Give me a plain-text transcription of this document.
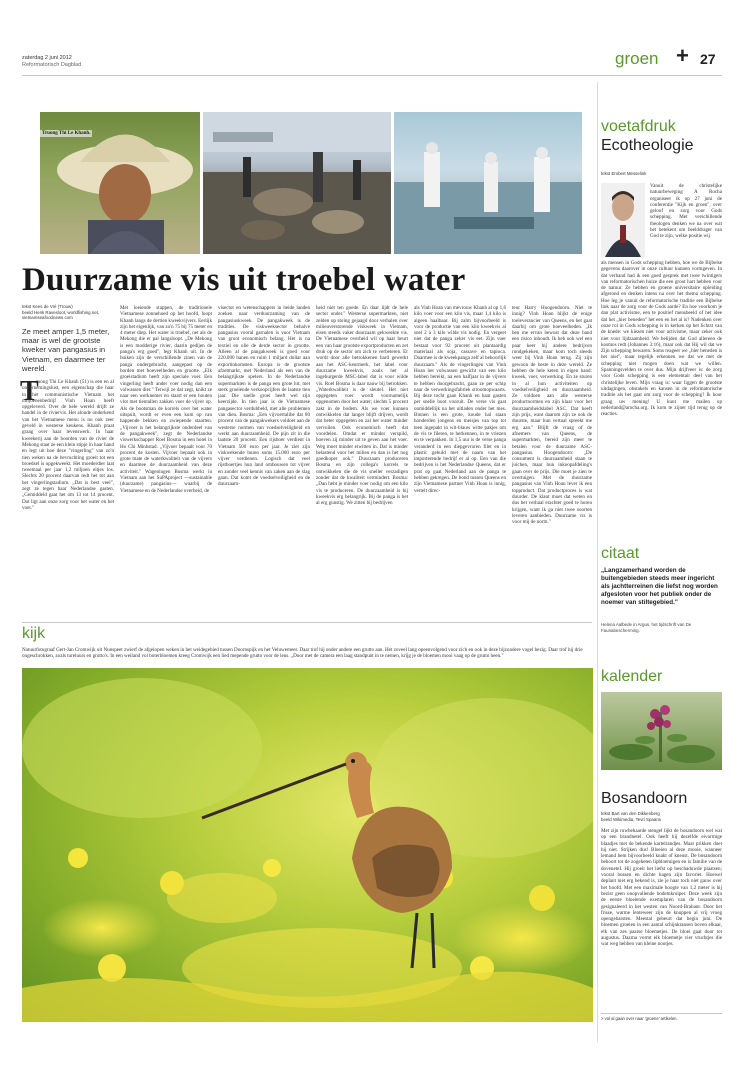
zaterdag 2 juni 2012
Reformatorisch Dagblad	groen + 27
Truong Thi Le Khanh.
Duurzame vis uit troebel water
tekst Kees de Vré (Trouw)
beeld Henk Ravesloot, worldfishing.net,
vietnamseafoodnews.com
Ze meet amper 1,5 meter, maar is wel de grootste kweker van pangasius in Vietnam, en daarmee ter wereld.
T
ruong Thi Le Khanh (51) is een en al ondernemingslust, een eigenschap die haar in het communistische Vietnam het miljoenenbedrijf Vinh Hoan heeft opgeleverd. Over de hele wereld drijft ze handel in de riviervis. Het aloude onderkend van het Vietnamese menu is nu ook zeer geveld in westerse keukens. Khanh praat graag over haar levenswerk. In haar kweekerij aan de boorden van de rivier de Mekong staat ze een klein stipje in haar hand en legt uit hoe deze "vingerling" van zo'n tien weken na de bevruchting groeit tot een broedsel is opgekweekt. Het moederdier laat tweemaal per jaar 1,2 miljoen eitjes los. Slechts 20 procent daarvan redt het tot aan het vingerlingstadium. „Dat is best veel", zegt ze tegen haar Nederlandse gasten. „Gemiddeld gaat het om 13 tot 14 procent. Dat ligt aan onze zorg voor het water en het voer."
Met loeiende stappen, de traditionele Vietnamese zonnehoed op het hoofd, loopt Khanh langs de dertien kweekvijvers. Eerlijk zijn het eigenlijk, van zo'n 75 bij 75 meter en 4 meter diep. Het water is troebel, net als de Mekong die er pal langsloopt. „De Mekong is een modderige rivier, daarin gedijen de panga's erg goed", legt Khanh uit. In de buiken zijn de verschillende zinen van de panga ondergebracht, aangepast op de borden met hoeveelheden en grootte. „Elk groeistadium heeft zijn speciale voer. Een vingerling heeft ander voer nodig dan een volwassen dier." Terwijl ze dat zegt, knikt ze naar een werknemer en staart er een houten vlot met tientallen zakken voer de vijver op. Als de bootsman de korrels over het water uitspuit, wordt er even een kum op van happende bekken en zwiepende staarten. „Vijvoer is het belangrijkste onderdeel van de pangakweek", zegt de Nederlandse viswerkschapper Roel Bosma in een hotel in Ho Chi Minhstad. „Vijvoer bepaalt voor 70 procent de kosten. Vijvoer bepaalt ook in grote mate de waterkwaliteit van de vijvers en daarmee de duurzaamheid van deze activiteit." Wageningen Bosma werkt in Vietnam aan het SuPAproject —sustainable (duurzame) pangasius— waarbij de Vietnamese en de Nederlandse overheid, de
visector en wetenschappers in beide landen zoeken naar verduurzaming van de pangasiuskweek. De pangakweek is de tradities. De viskweeksector behalve pangasius vooral garnalen is voor Vietnam van groot economisch belang. Het is na textiel en olie de derde sector in grootte. Alleen al de pangakweek is goed voor 220.000 banen en ruim 1 miljard dollar aan exportinkomsten. Europa is de grootste afzetmarkt, met Nederland als een van de belangrijkste spelers. In de Nederlandse supermarkten is de panga een grote hit, met sterk groeiende verkoopcijfers de laatste tien jaar. Die snelle groei heeft wel zijn keerzijde. In tien jaar is de Vietnamese pangasector verdubbeld, met alle problemen van dien. Bosma: „Een vijvoertalibe dat 80 procent van de pangakwekers voldoet aan de westerse normen van voedselveiligheid en werkt aan duurzaamheid. De pijn zit in die laatste 20 procent. Een rijsboer verdient in Vietnam 500 euro per jaar. Je ziet zijn viskwekende buren soms 15.000 euro per vijver verdienen. Logisch dat veel rijstboertjes hun land ombouwen tot vijver en zonder veel kennis van zaken aan de slag gaan. Dat komt de voedselveiligheid en de duurzaam-
heid niet ten goede. En daar lijdt de hele sector onder." Westerse supermarkten, niet zelden op stoing gejaagd door verhalen over milieuverstorende viskweek in Vietnam, eisen steeds vaker duurzaam gekweekte vis. De Vietnamese overheid wil op haar beurt een van haar grootste exportproducten en zet druk op de sector om zich te verbeteren. Er wordt door alle betrokkenen hard gewerkt aan het ASC-keurmerk, het label voor duurzame kweekvis, zoals het al ingeburgerde MSC-label dat is voor wilde vis. Roel Bosma is daar nauw bij betrokken. „Waterkwaliteit is de sleutel. Het niet opgegeten voer wordt voornamelijk opgenomen door het water; slechts 5 procent zakt in de bodem. Als we voer kunnen ontwikkelen dat langer blijft drijven, wordt dat beter opgegeten en zal het water minder vervuilen. Ook economisch heeft dat voordelen. Omdat er minder verspild, hoeven zij minder uit te geven aan het voer. Weg moet minder eiwitten in. Dat is minder belastend voor het milieu en dan is het nog goedkoper ook." Duurzaam produceren Bosma en zijn collega's korrels te ontwikkelen die de vis sneller verzadigen zonder dat de kwaliteit vermindert. Bosma: „Dan hebt je minder voer nodig om een kilo vis te produceren. De duurzaamheid is bij kweekvis erg belangrijk. Bij de panga is het al erg gunstig. We zitten bij bedrijven
als Vinh Hoan van mevrouw Khanh al op 1,6 kilo voer voor een kilo vis, maar 1,4 kilo is algeen haalbaar. Bij zalm bijvoorbeeld is voor de productie van een kilo kweekvis al snel 2 à 3 kilo wilde vis nodig. En vergeet niet dat de panga zeker vis eet. Zijn voer bestaat voor 92 procent uit plantaardig materiaal als soja, cassave en tapioca. Daarmee is de kweekpanga zelf al behoorlijk duurzaam." Als de vingerlingen van Vinh Hoan het volwassen gewicht van een kilo hebben bereikt, na een halfjaar in de vijvers te hebben doorgebracht, gaan ze per schip naar de verwerkingsfabriek stroomopwaarts. Bij deze tocht gaan Khanh en haar gasten per snelle boot vooruit. De verse vis gaat onmiddellijk na het uitladen onder het mes. Binnen is een grote, koude hal staan honderden jongens en meisjes van top tot teen ingepakt in wit-blauw witte pakjes om de vis te fileren, te herkennen, in te vriezen en te verpakken. In 1,5 uur is de verse panga veranderd in een diepgevroren filet en in plastic gehuld met de naam van het importerende bedrijf er al op. Een van die bedrijven is het Nederlandse Queens, dat er prat op gaat Nederland aan de panga te hebben gekregen. De bond tussen Queens en zijn Vietnamese partner Vinh Hoan is innig, vertelt direc-
teur Harry Hoogendoorn. Niet te innig? Vinh Hoan blijkt de enige toeleverancier van Queens, en het gaat daarbij om grote hoeveelheden. „Ik ben me ervan bewust dat deze band een risico inhoudt. Ik heb ook wel een paar keer bij andere bedrijven rondgekeken, maar kom toch steeds weer bij Vinh Hoan terug. Zij zijn gewoon de beste in deze wereld. Ze hebben de hele keten in eigen hand: kweek, voer, verwerking. En ze sturen in al hun activiteiten op voedselveiligheid en duurzaamheid. Ze voldoen aan alle westerse productnormen en zijn klaar voor het duurzaamheidslabel ASC. Dat heeft zijn prijs, want daarom zijn ze ook de duurste, maar hun vertaal spreekt me erg aan." Blijft de vraag of de afnemers van Queens, de supermarkten, bereid zijn meer te betalen voor de duurzame ASC-pangasius. Hoogendoorn: „De consument is duurzaamheid staan te juichen, maar hun inkoopafdeling's gaan over de prijs. Die moet je zien te overtuigen. Met de duurzame pangasius van Vinh Hoan lever ik een topproduct. Dat productproces is wat duurder. De klant moet dat weten en dus het verhaal erachter goed te horen krijgen, want ik ga niet twee soorten leveren aanbieden. Duurzame vis is voor mij de norm."
voetafdruk
Ecotheologie
tekst Embert Messelink
Vanuit de christelijke natuurbeweging A Rocha organiseer ik op 27 juni de conferentie "Kijk en groen", over geloof en zorg voor Gods schepping. Met verschillende theologen denken we na over wat het betekent om beelddrager van God te zijn, welke positie wij
als mensen in Gods schepping hebben, hoe we de Bijbelse gegevens daarover in onze cultuur kunnen vormgeven. In dat verband had ik een goed gesprek met twee twintigers van reformatorischen huize die een groot hart hebben voor de natuur. Ze hebben en groene universitaire opleiding afgerond en denken intens na over het thema schepping. Hoe leg je vanuit de reformatorische traditie een Bijbelse link naar de zorg voor de Gods aarde? En hoe voorkom je dan plat activisme, een te positief mensbeeld of het idee dat het „hier beneden" het een en het al is? Nadenken over onze rol in Gods schepping is in kerken op het lichtst van de knede: we kiezen niet voor activisme, maar zeker ook niet voor lijdzaamheid. We belijden dat God allereen de kosmos redt (Johannes 3:16), maar ook dat Hij wil dat we Zijn schepping bewaren. Soms reageer we „hier beneden is het niet", maar tegelijk erkennen we dat we met de schepping niet mogen doen wat we willen. Spanningsvelden te over dus. Mijn drijfveer is: de zorg voor Gods schepping is een elementair deel van het christelijke leven. Mijn vraag is: waar liggen de grootste uitdagingen, obstakels en kansen in de reformatorische traditie als het gaat om zorg voor de schepping? Ik hoor graag uw mening! U kunt me mailen op nederland@arocha.org. Ik kom te zijner tijd terug op de reacties.
citaat
„Langzamerhand worden de buitengebieden steeds meer ingericht als jachtterreinen die liefst nog worden afgesloten voor het publiek onder de noemer van stiltegebied."
Helena Aalbede in Argus, het tijdschrift van De Faunabescherming.
kalender
Bosandoorn
tekst Bart van den Dikkenberg
beeld Wikimedia, Tevri Spaans
Met zijn ruwbehaarde stengel lijkt de bosandoorn wel wat op een brandnetel. Ook heeft hij dezelfde eivormige blaadjes met de bekende kartelrandjes. Maar prikken doet hij niet. Strijken dus! Bloeien al deze mooie, wanneer iemand hem bijvoorbeeld knakt of kneust. De bosandoorn behoort tot de zogeheten lipbloemigen en is familie van de doveneteI. Hij groeit het liefst op beschaduwde plaatsen; vooral bossen en dichte hagen zijn favoriet. Hoewel deplant niet erg bekend is, zie je haar toch niet gauw over het hoofd. Met een maximale hoogte van 1,2 meter is hij bezist geen onopvallende bodemkruiper. Deze week zijn de eerste bloeiende exemplaren van de bosandoorn gesignaleerd in het westen van Noord-Brabant. Door het frisse, warme lenteweer zijn de knoppen al vrij vroeg opengebarsten. Meestal gebeurt dat begin juni. De bloemen groeien in een aantal schijnkransen boven elkaar, elk van zes paarse bloemetjes. De bloei gaat door tot augustus. Daarna vormt elk bloemetje vier vruchtjes die wat weg hebben van kleine nootjes.
> vol al gaan over naar 'groene' artikelen.
kijk
Natuurfotograaf Gert-Jan Cromwijk uit Nunspeet zwierf de afgelopen weken in het weidegebied tussen Doornspijk en het Veluwemeer. Daar trof hij onder andere een grutto aan. Het zoveel lang opeenvolgend voor zich en ook in deze bijzondere vogel bezig. Daar trof hij drie ongeschrokken, zoals tureluurs en grutto's. In een weiland vol boterbloemen kreeg Cromwijk een lied mepende grutto voor de lens. „Door met de camera een laag standpunt in te nemen, krijg je de bloemen mooi vaag op de grutto heen."
